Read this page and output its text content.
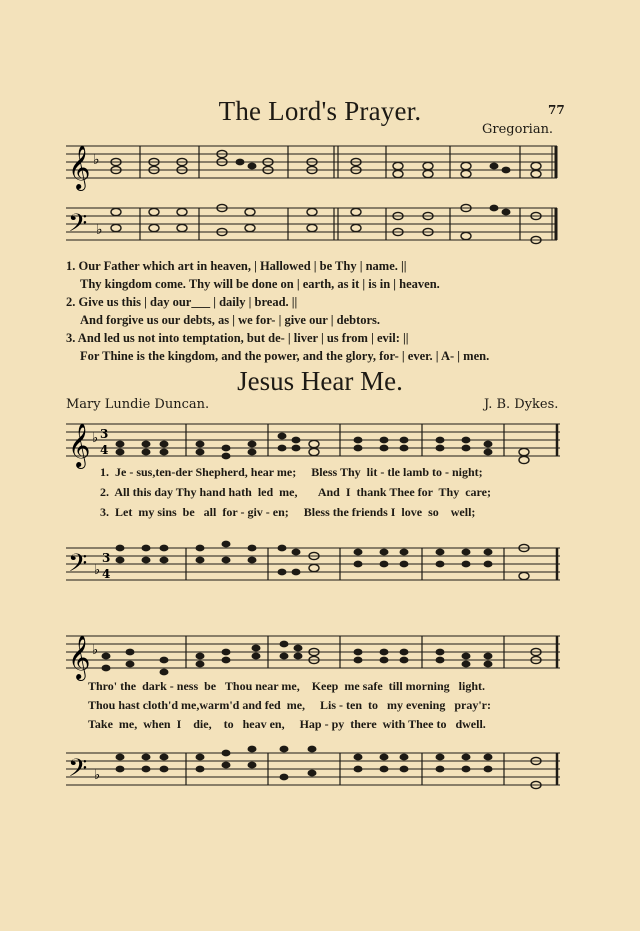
The Lord's Prayer.	77
Gregorian.
𝄞 ♭
𝄢 ♭
1. Our Father which art in heaven, | Hallowed | be Thy | name. ||
Thy kingdom come. Thy will be done on | earth, as it | is in | heaven.
2. Give us this | day our___ | daily | bread. ||
And forgive us our debts, as | we for- | give our | debtors.
3. And led us not into temptation, but de- | liver | us from | evil: ||
For Thine is the kingdom, and the power, and the glory, for- | ever. | A- | men.
Jesus Hear Me.
Mary Lundie Duncan.	J. B. Dykes.
𝄞 ♭ 3
4
1.  Je - sus,ten-der Shepherd, hear me;     Bless Thy  lit - tle lamb to - night;
2.  All this day Thy hand hath  led  me,       And  I  thank Thee for  Thy  care;
3.  Let  my sins  be   all  for - giv - en;     Bless the friends I  love  so    well;
𝄢 ♭
3
4
𝄞 ♭
Thro' the  dark - ness  be   Thou near me,    Keep  me safe  till morning   light.
Thou hast cloth'd me,warm'd and fed  me,     Lis - ten  to   my evening   pray'r:
Take  me,  when  I    die,    to   heav en,     Hap - py  there  with Thee to   dwell.
𝄢 ♭
